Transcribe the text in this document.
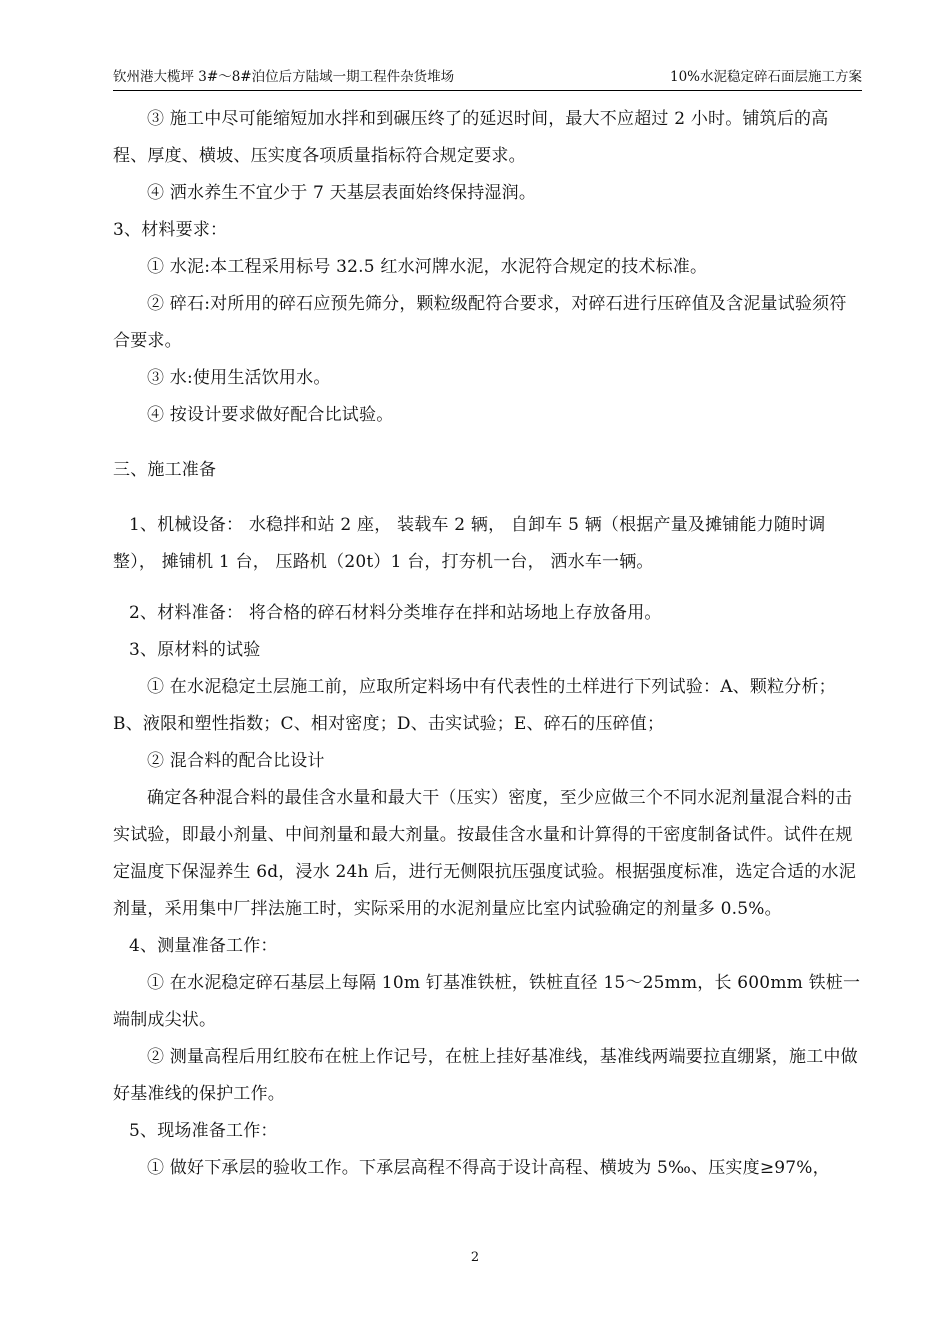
钦州港大榄坪 3#～8#泊位后方陆域一期工程件杂货堆场	10%水泥稳定碎石面层施工方案

③ 施工中尽可能缩短加水拌和到碾压终了的延迟时间，最大不应超过 2 小时。铺筑后的高程、厚度、横坡、压实度各项质量指标符合规定要求。

④ 洒水养生不宜少于 7 天基层表面始终保持湿润。

3、材料要求：

① 水泥:本工程采用标号 32.5 红水河牌水泥，水泥符合规定的技术标准。

② 碎石:对所用的碎石应预先筛分，颗粒级配符合要求，对碎石进行压碎值及含泥量试验须符合要求。

③ 水:使用生活饮用水。

④ 按设计要求做好配合比试验。

三、施工准备

1、机械设备： 水稳拌和站 2 座， 装载车 2 辆， 自卸车 5 辆（根据产量及摊铺能力随时调整）， 摊铺机 1 台， 压路机（20t）1 台，打夯机一台， 洒水车一辆。

2、材料准备： 将合格的碎石材料分类堆存在拌和站场地上存放备用。

3、原材料的试验

① 在水泥稳定土层施工前，应取所定料场中有代表性的土样进行下列试验：A、颗粒分析；B、液限和塑性指数；C、相对密度；D、击实试验；E、碎石的压碎值；

② 混合料的配合比设计

确定各种混合料的最佳含水量和最大干（压实）密度，至少应做三个不同水泥剂量混合料的击实试验，即最小剂量、中间剂量和最大剂量。按最佳含水量和计算得的干密度制备试件。试件在规定温度下保湿养生 6d，浸水 24h 后，进行无侧限抗压强度试验。根据强度标准，选定合适的水泥剂量，采用集中厂拌法施工时，实际采用的水泥剂量应比室内试验确定的剂量多 0.5%。

4、测量准备工作：

① 在水泥稳定碎石基层上每隔 10m 钉基准铁桩，铁桩直径 15～25mm，长 600mm 铁桩一端制成尖状。

② 测量高程后用红胶布在桩上作记号，在桩上挂好基准线，基准线两端要拉直绷紧，施工中做好基准线的保护工作。

5、现场准备工作：

① 做好下承层的验收工作。下承层高程不得高于设计高程、横坡为 5‰、压实度≥97%，

2
